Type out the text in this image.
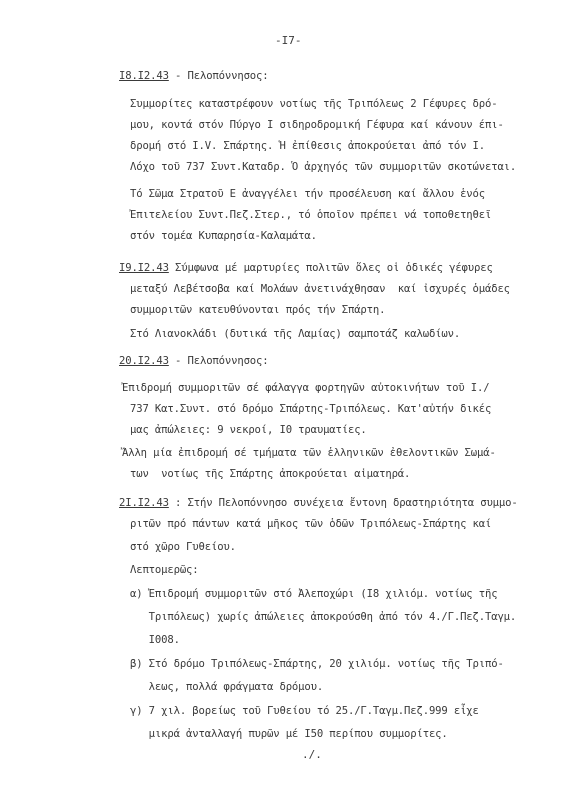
-I7-
I8.I2.43 - Πελοπόννησος:
Συμμορίτες καταστρέφουν νοτίως τῆς Τριπόλεως 2 Γέφυρες δρό-
μου, κοντά στόν Πύργο I σιδηροδρομική Γέφυρα καί κάνουν έπι-
δρομή στό I.V. Σπάρτης. Ἡ ἐπίθεσις ἀποκρούεται ἀπό τόν I.
Λόχο τοῦ 737 Συντ.Καταδρ. Ὁ ἀρχηγός τῶν συμμοριτῶν σκοτώνεται.
Τό Σῶμα Στρατοῦ Ε ἀναγγέλει τήν προσέλευση καί ἄλλου ἑνός
Ἐπιτελείου Συντ.Πεζ.Στερ., τό ὁποῖον πρέπει νά τοποθετηθεῖ
στόν τομέα Κυπαρησία-Καλαμάτα.
I9.I2.43 Σύμφωνα μέ μαρτυρίες πολιτῶν ὅλες οἱ ὁδικές γέφυρες
μεταξύ Λεβέτσοβα καί Μολάων ἀνετινάχθησαν  καί ἰσχυρές ὁμάδες
συμμοριτῶν κατευθύνονται πρός τήν Σπάρτη.
Στό Λιανοκλάδι (δυτικά τῆς Λαμίας) σαμποτάζ καλωδίων.
20.I2.43 - Πελοπόννησος:
Ἐπιδρομή συμμοριτῶν σέ φάλαγγα φορτηγῶν αὐτοκινήτων τοῦ I./
737 Κατ.Συντ. στό δρόμο Σπάρτης-Τριπόλεως. Κατ'αὐτήν δικές
μας ἀπώλειες: 9 νεκροί, I0 τραυματίες.
Ἄλλη μία ἐπιδρομή σέ τμήματα τῶν ἑλληνικῶν ἐθελοντικῶν Σωμά-
των  νοτίως τῆς Σπάρτης ἀποκρούεται αἱματηρά.
2I.I2.43 : Στήν Πελοπόννησο συνέχεια ἔντονη δραστηριότητα συμμο-
ριτῶν πρό πάντων κατά μῆκος τῶν ὁδῶν Τριπόλεως-Σπάρτης καί
στό χῶρο Γυθείου.
Λεπτομερῶς:
α) Ἐπιδρομή συμμοριτῶν στό Ἀλεποχώρι (I8 χιλιόμ. νοτίως τῆς
Τριπόλεως) χωρίς ἀπώλειες ἀποκρούσθη ἀπό τόν 4./Γ.Πεζ.Ταγμ.
I008.
β) Στό δρόμο Τριπόλεως-Σπάρτης, 20 χιλιόμ. νοτίως τῆς Τριπό-
λεως, πολλά φράγματα δρόμου.
γ) 7 χιλ. βορείως τοῦ Γυθείου τό 25./Γ.Ταγμ.Πεζ.999 εἶχε
μικρά ἀνταλλαγή πυρῶν μέ I50 περίπου συμμορίτες.
./.
